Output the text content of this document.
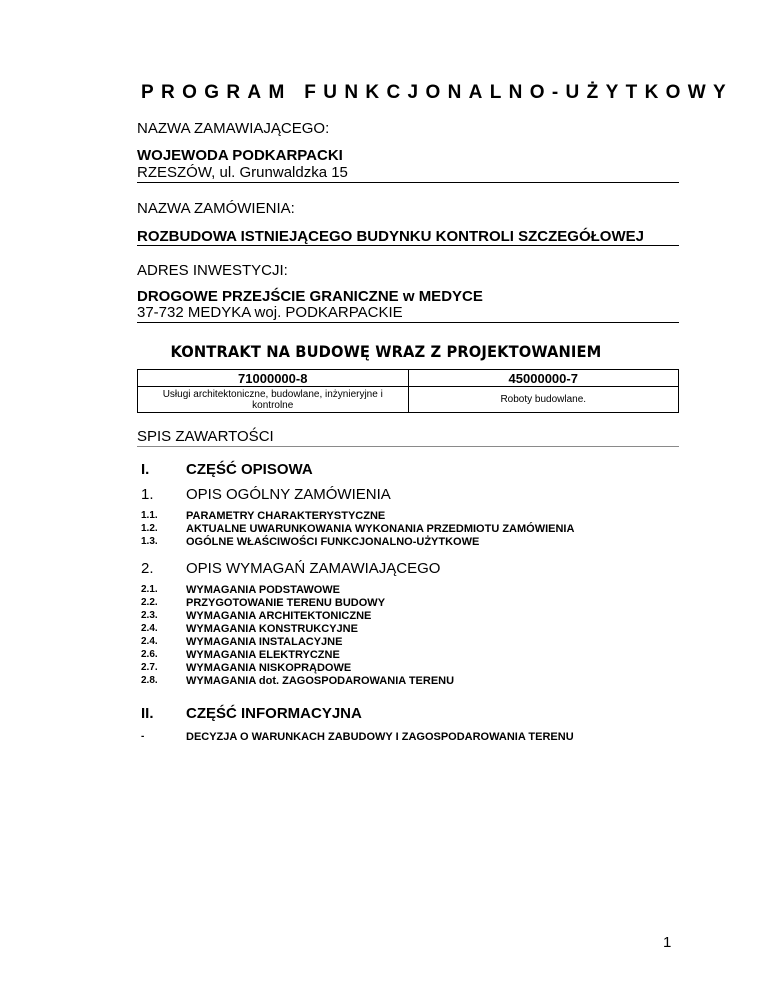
PROGRAM FUNKCJONALNO-UŻYTKOWY
NAZWA ZAMAWIAJĄCEGO:
WOJEWODA PODKARPACKI
RZESZÓW, ul. Grunwaldzka 15
NAZWA ZAMÓWIENIA:
ROZBUDOWA ISTNIEJĄCEGO BUDYNKU KONTROLI SZCZEGÓŁOWEJ
ADRES INWESTYCJI:
DROGOWE PRZEJŚCIE GRANICZNE w MEDYCE
37-732 MEDYKA woj. PODKARPACKIE
KONTRAKT NA BUDOWĘ WRAZ Z PROJEKTOWANIEM
71000000-8	45000000-7
Usługi architektoniczne, budowlane, inżynieryjne i kontrolne	Roboty budowlane.
SPIS ZAWARTOŚCI
I. CZĘŚĆ OPISOWA
1. OPIS OGÓLNY ZAMÓWIENIA
1.1.	PARAMETRY CHARAKTERYSTYCZNE
1.2.	AKTUALNE UWARUNKOWANIA WYKONANIA PRZEDMIOTU ZAMÓWIENIA
1.3.	OGÓLNE WŁAŚCIWOŚCI FUNKCJONALNO-UŻYTKOWE
2. OPIS WYMAGAŃ ZAMAWIAJĄCEGO
2.1.	WYMAGANIA PODSTAWOWE
2.2.	PRZYGOTOWANIE TERENU BUDOWY
2.3.	WYMAGANIA ARCHITEKTONICZNE
2.4.	WYMAGANIA KONSTRUKCYJNE
2.4.	WYMAGANIA INSTALACYJNE
2.6.	WYMAGANIA ELEKTRYCZNE
2.7.	WYMAGANIA NISKOPRĄDOWE
2.8.	WYMAGANIA dot. ZAGOSPODAROWANIA TERENU
II. CZĘŚĆ INFORMACYJNA
-	DECYZJA O WARUNKACH ZABUDOWY I ZAGOSPODAROWANIA TERENU
1
